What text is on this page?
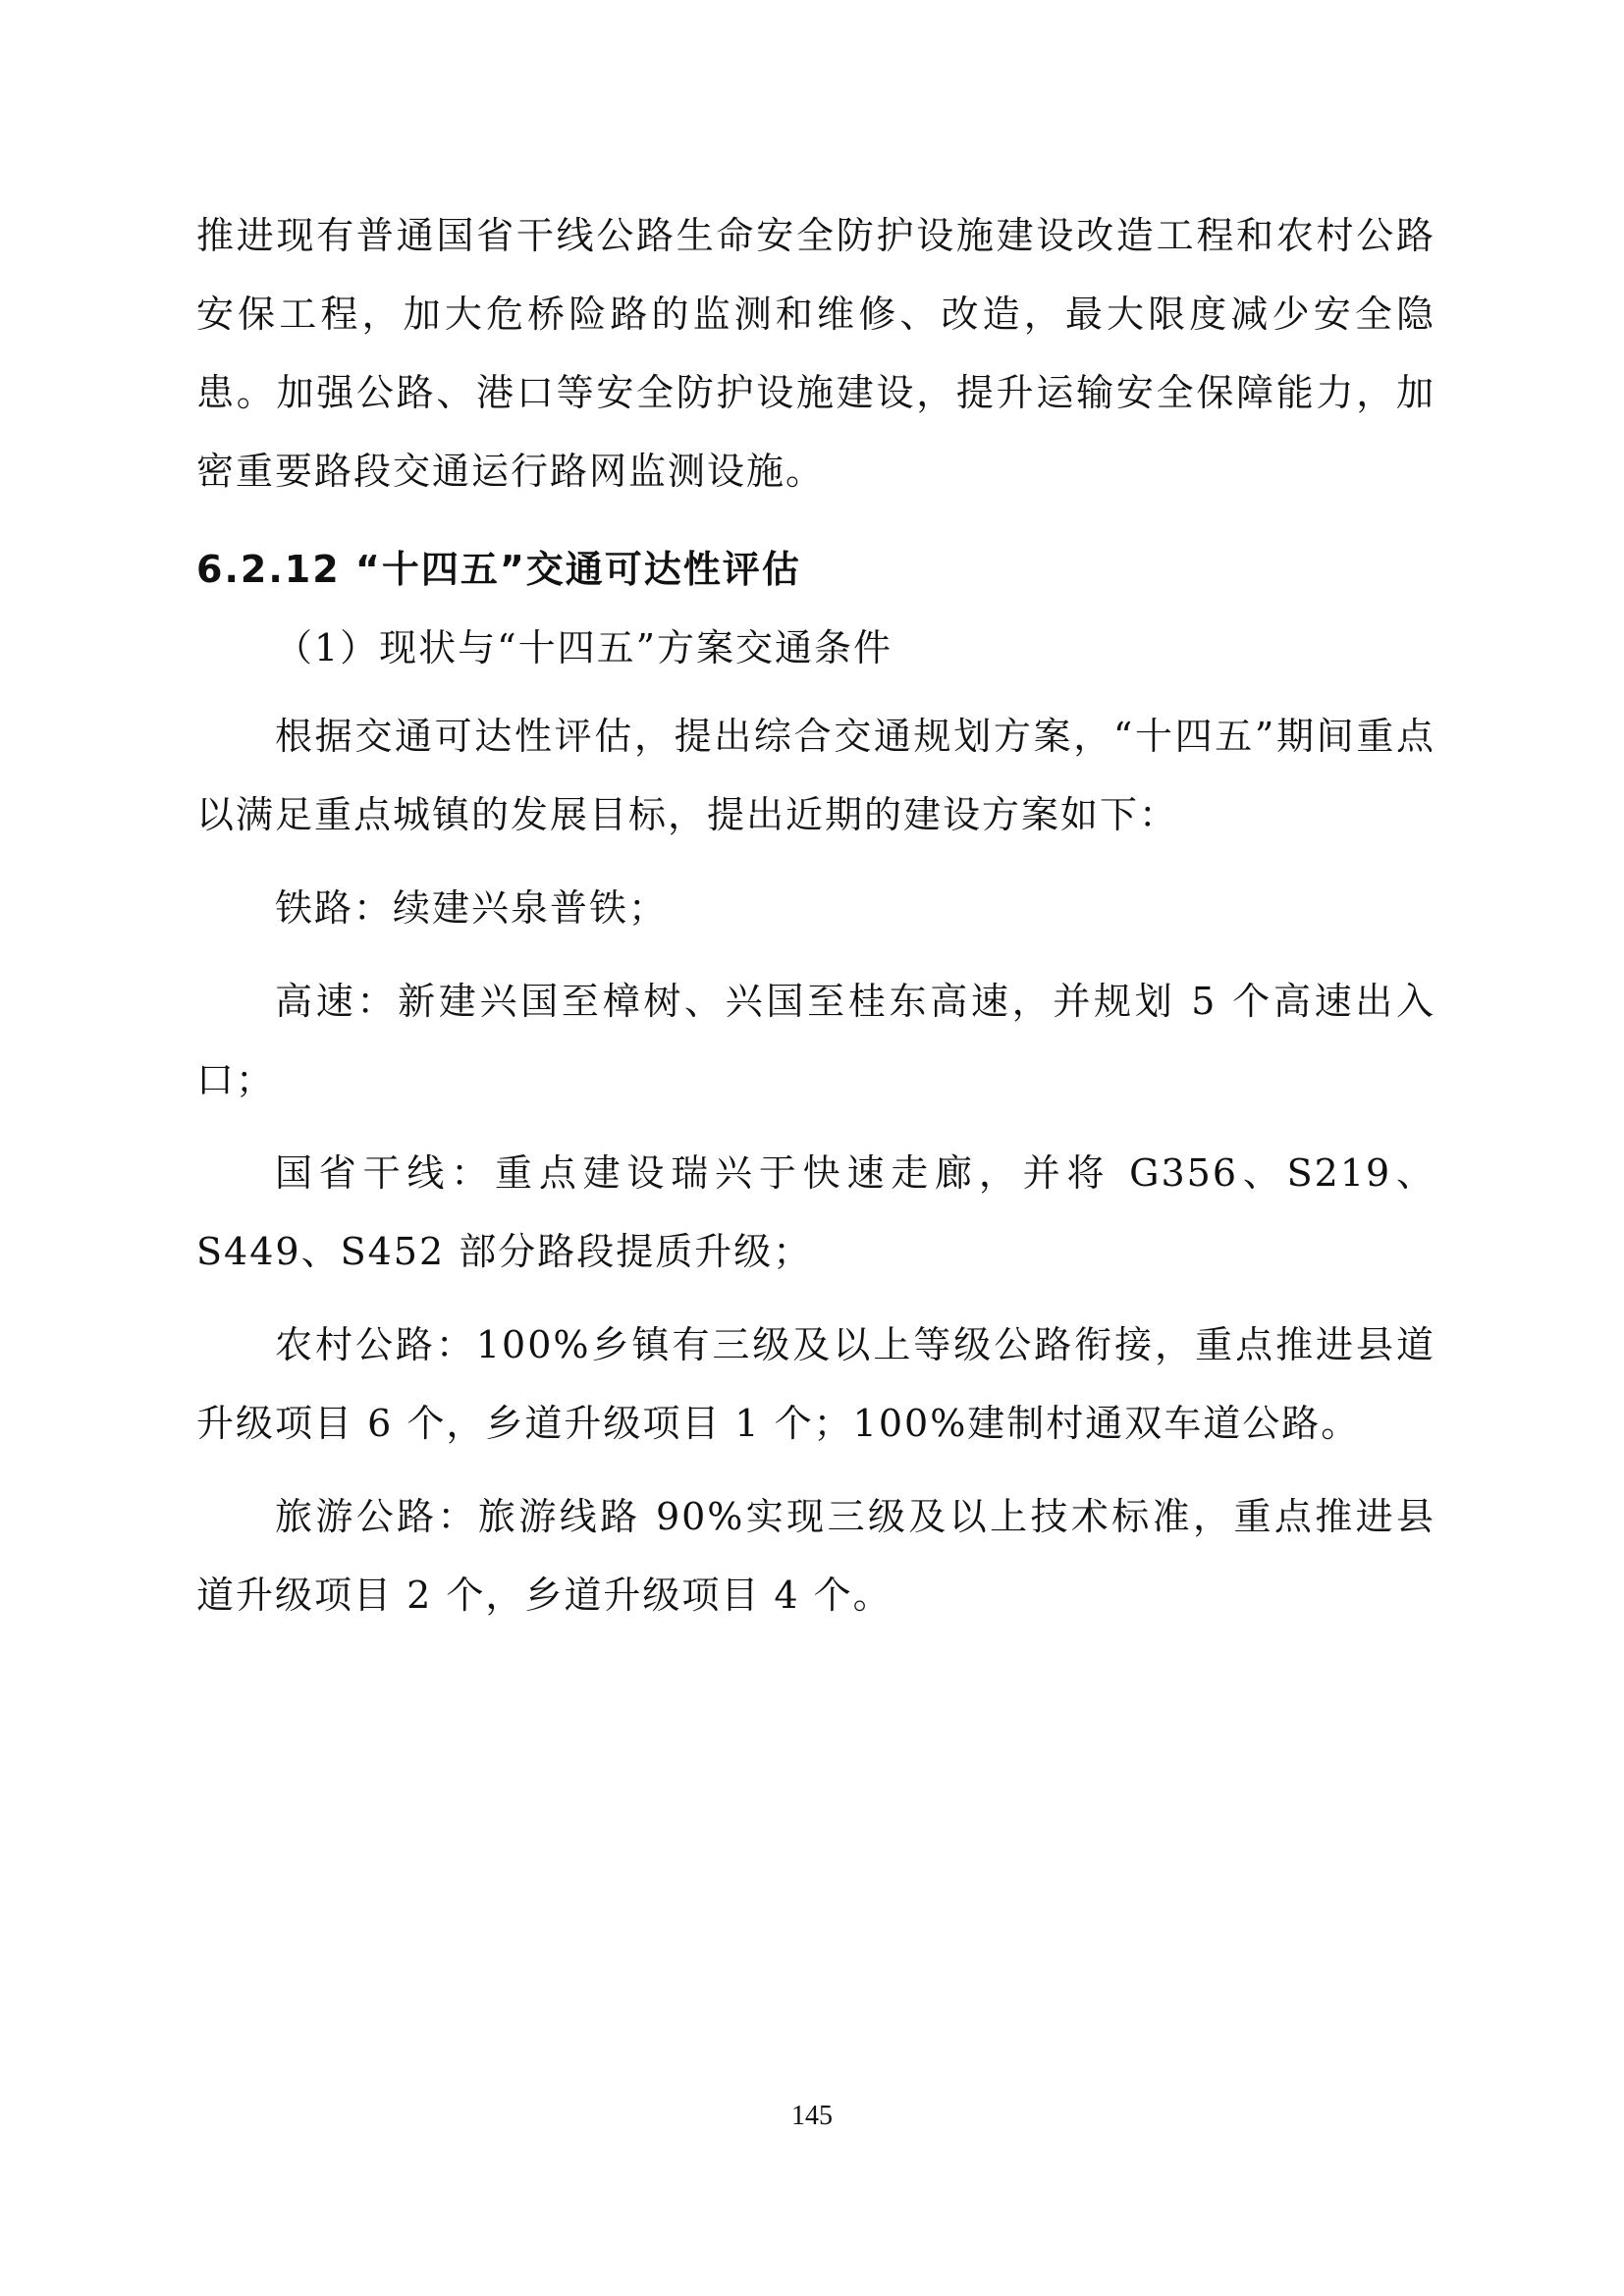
推进现有普通国省干线公路生命安全防护设施建设改造工程和农村公路安保工程，加大危桥险路的监测和维修、改造，最大限度减少安全隐患。加强公路、港口等安全防护设施建设，提升运输安全保障能力，加密重要路段交通运行路网监测设施。

6.2.12 “十四五”交通可达性评估

（1）现状与“十四五”方案交通条件

根据交通可达性评估，提出综合交通规划方案，“十四五”期间重点以满足重点城镇的发展目标，提出近期的建设方案如下：

铁路：续建兴泉普铁；

高速：新建兴国至樟树、兴国至桂东高速，并规划 5 个高速出入口；

国省干线：重点建设瑞兴于快速走廊，并将 G356、S219、S449、S452 部分路段提质升级；

农村公路：100%乡镇有三级及以上等级公路衔接，重点推进县道升级项目 6 个，乡道升级项目 1 个；100%建制村通双车道公路。

旅游公路：旅游线路 90%实现三级及以上技术标准，重点推进县道升级项目 2 个，乡道升级项目 4 个。

145
